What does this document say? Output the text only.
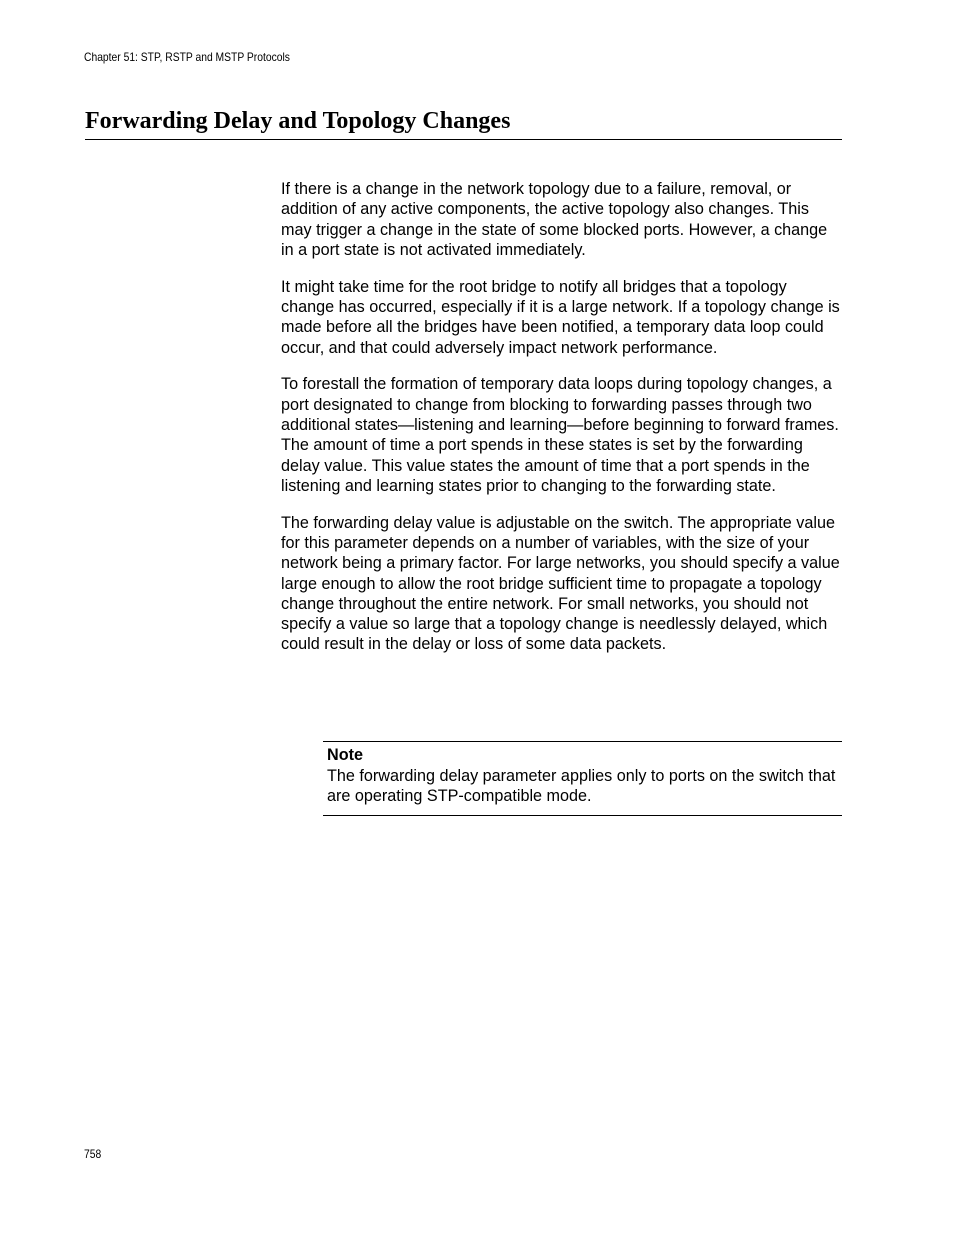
Chapter 51: STP, RSTP and MSTP Protocols
Forwarding Delay and Topology Changes

If there is a change in the network topology due to a failure, removal, or addition of any active components, the active topology also changes. This may trigger a change in the state of some blocked ports. However, a change in a port state is not activated immediately.

It might take time for the root bridge to notify all bridges that a topology change has occurred, especially if it is a large network. If a topology change is made before all the bridges have been notified, a temporary data loop could occur, and that could adversely impact network performance.

To forestall the formation of temporary data loops during topology changes, a port designated to change from blocking to forwarding passes through two additional states—listening and learning—before beginning to forward frames. The amount of time a port spends in these states is set by the forwarding delay value. This value states the amount of time that a port spends in the listening and learning states prior to changing to the forwarding state.

The forwarding delay value is adjustable on the switch. The appropriate value for this parameter depends on a number of variables, with the size of your network being a primary factor. For large networks, you should specify a value large enough to allow the root bridge sufficient time to propagate a topology change throughout the entire network. For small networks, you should not specify a value so large that a topology change is needlessly delayed, which could result in the delay or loss of some data packets.

Note
The forwarding delay parameter applies only to ports on the switch that are operating STP-compatible mode.
758
